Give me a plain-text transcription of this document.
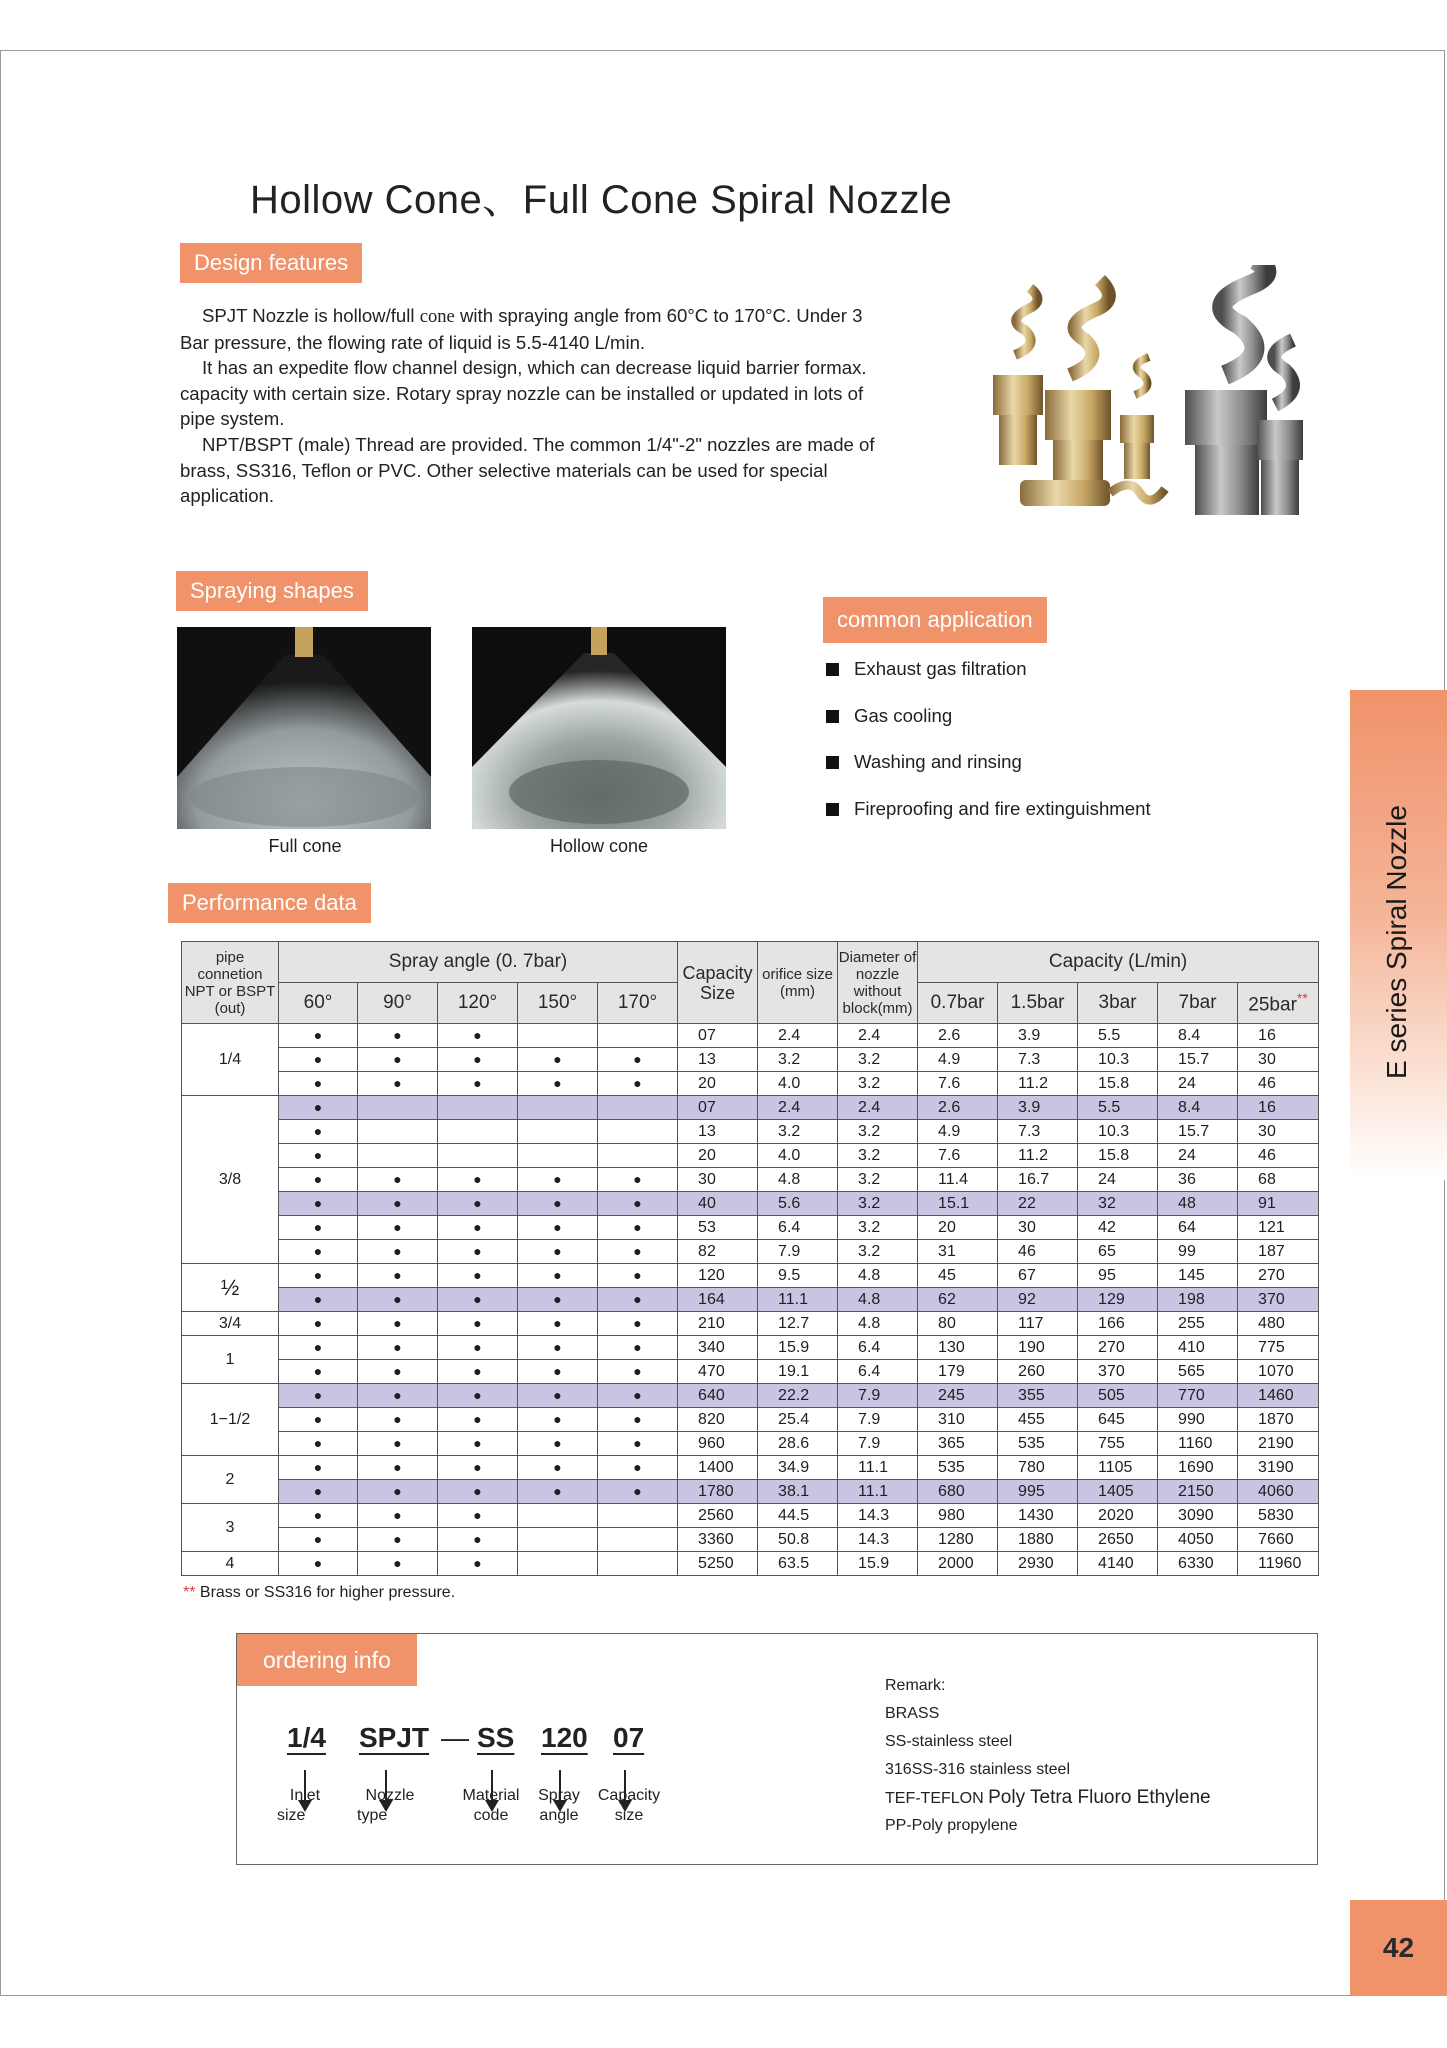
Hollow Cone、Full Cone Spiral Nozzle
Design features

SPJT Nozzle is hollow/full cone with spraying angle from 60°C to 170°C. Under 3 Bar pressure, the flowing rate of liquid is 5.5-4140 L/min.

It has an expedite flow channel design, which can decrease liquid barrier formax. capacity with certain size. Rotary spray nozzle can be installed or updated in lots of pipe system.

NPT/BSPT (male) Thread are provided. The common 1/4"-2" nozzles are made of brass, SS316, Teflon or PVC. Other selective materials can be used for special application.

Spraying shapes
Full cone	Hollow cone
common application
Exhaust gas filtration
Gas cooling
Washing and rinsing
Fireproofing and fire extinguishment	E series Spiral Nozzle
Performance data
pipe connetion NPT or BSPT (out)	Spray angle (0. 7bar)					Capacity Size	orifice size (mm)	Diameter of nozzle without block(mm)	Capacity (L/min)				
	60°	90°	120°	150°	170°				0.7bar	1.5bar	3bar	7bar	25bar**
1/4	●	●	●			07	2.4	2.4	2.6	3.9	5.5	8.4	16
	●	●	●	●	●	13	3.2	3.2	4.9	7.3	10.3	15.7	30
	●	●	●	●	●	20	4.0	3.2	7.6	11.2	15.8	24	46
3/8	●					07	2.4	2.4	2.6	3.9	5.5	8.4	16
	●					13	3.2	3.2	4.9	7.3	10.3	15.7	30
	●					20	4.0	3.2	7.6	11.2	15.8	24	46
	●	●	●	●	●	30	4.8	3.2	11.4	16.7	24	36	68
	●	●	●	●	●	40	5.6	3.2	15.1	22	32	48	91
	●	●	●	●	●	53	6.4	3.2	20	30	42	64	121
	●	●	●	●	●	82	7.9	3.2	31	46	65	99	187
½	●	●	●	●	●	120	9.5	4.8	45	67	95	145	270
	●	●	●	●	●	164	11.1	4.8	62	92	129	198	370
3/4	●	●	●	●	●	210	12.7	4.8	80	117	166	255	480
1	●	●	●	●	●	340	15.9	6.4	130	190	270	410	775
	●	●	●	●	●	470	19.1	6.4	179	260	370	565	1070
1−1/2	●	●	●	●	●	640	22.2	7.9	245	355	505	770	1460
	●	●	●	●	●	820	25.4	7.9	310	455	645	990	1870
	●	●	●	●	●	960	28.6	7.9	365	535	755	1160	2190
2	●	●	●	●	●	1400	34.9	11.1	535	780	1105	1690	3190
	●	●	●	●	●	1780	38.1	11.1	680	995	1405	2150	4060
3	●	●	●			2560	44.5	14.3	980	1430	2020	3090	5830
	●	●	●			3360	50.8	14.3	1280	1880	2650	4050	7660
4	●	●	●			5250	63.5	15.9	2000	2930	4140	6330	11960
** Brass or SS316 for higher pressure.
ordering info
1/4 SPJT — SS 120 07
Inlet
size
Nozzle
type
Material
code
Spray
angle
Capacity
size
Remark:
BRASS
SS-stainless steel
316SS-316 stainless steel
TEF-TEFLON Poly Tetra Fluoro Ethylene
PP-Poly propylene
42
